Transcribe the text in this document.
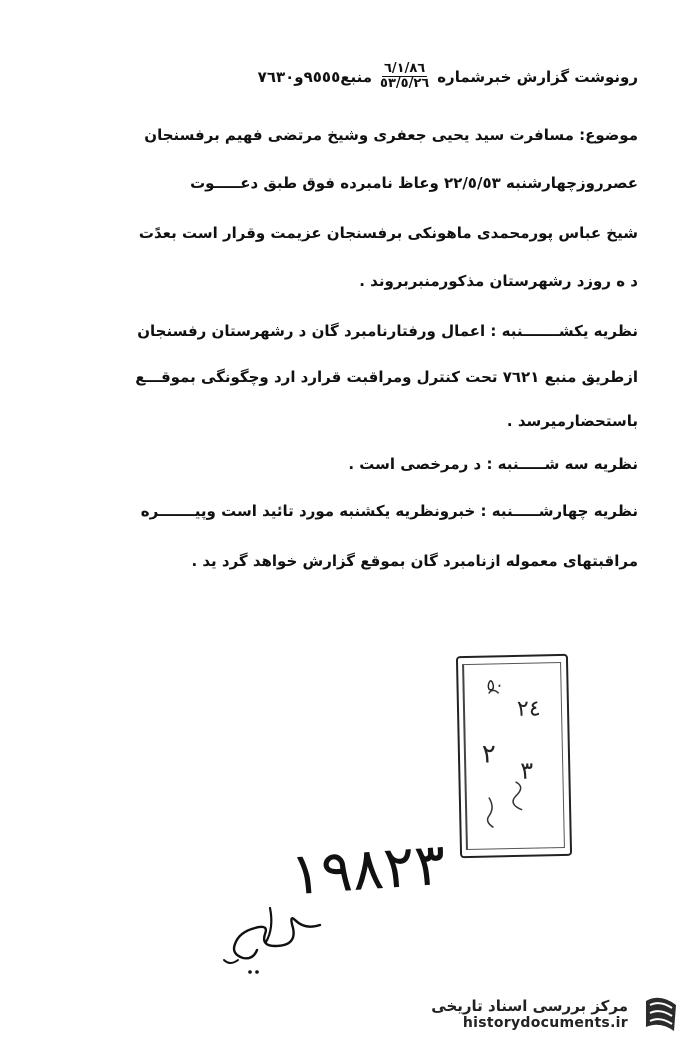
رونوشت گزارش خبرشماره
$\frac{٦/١/٨٦}{٥٣/٥/٢٦}$
منبع٩٥٥٥و٧٦٣٠
موضوع: مسافرت سید یحیی جعفری وشیخ مرتضی فهیم برفسنجان
عصرروزچهارشنبه ٢٢/٥/٥٣ وعاظ نامبرده فوق طبق دعـــــوت
شیخ عباس پورمحمدی ماهونکی برفسنجان عزیمت وقرار است بعدًت
د ه روزد رشهرستان مذکورمنبربروند .
نظریه یکشـــــــنبه : اعمال ورفتارنامبرد گان د رشهرستان رفسنجان
ازطریق منبع ٧٦٢١ تحت کنترل ومراقبت قرارد ارد وچگونگی بموقـــع
باستحضارمیرسد .
نظریه سه شـــــنبه : د رمرخصی است .
نظریه چهارشـــــنبه : خبرونظریه یکشنبه مورد تائید است وپیـــــــره
مراقبتهای معموله ازنامبرد گان بموقع گزارش خواهد گرد ید .
٥٠
٢٤
٢
٣
١٩٨٢٣
مرکز بررسی اسناد تاریخی
historydocuments.ir
